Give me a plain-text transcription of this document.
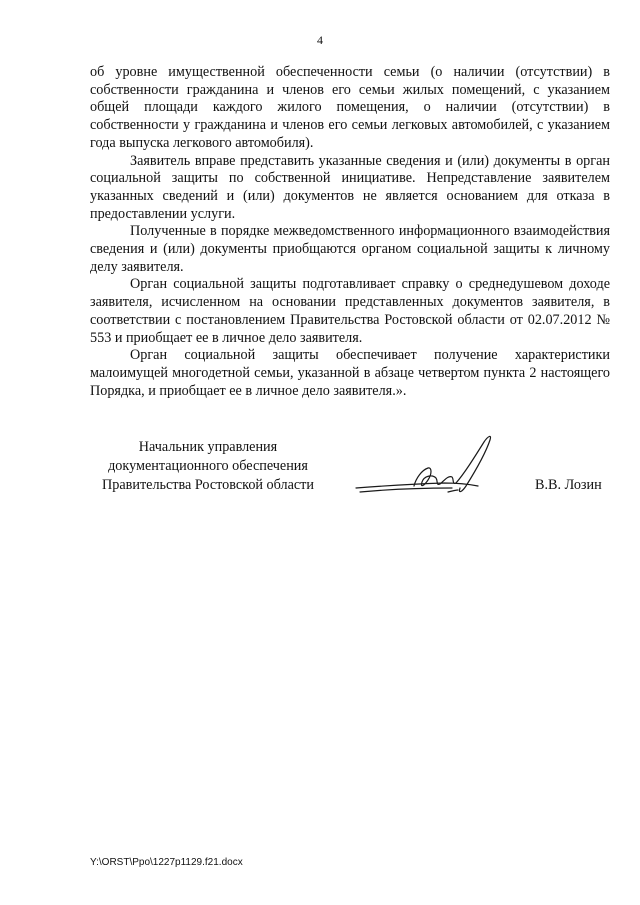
4

об уровне имущественной обеспеченности семьи (о наличии (отсутствии) в собственности гражданина и членов его семьи жилых помещений, с указанием общей площади каждого жилого помещения, о наличии (отсутствии) в собственности у гражданина и членов его семьи легковых автомобилей, с указанием года выпуска легкового автомобиля).

Заявитель вправе представить указанные сведения и (или) документы в орган социальной защиты по собственной инициативе. Непредставление заявителем указанных сведений и (или) документов не является основанием для отказа в предоставлении услуги.

Полученные в порядке межведомственного информационного взаимодействия сведения и (или) документы приобщаются органом социальной защиты к личному делу заявителя.

Орган социальной защиты подготавливает справку о среднедушевом доходе заявителя, исчисленном на основании представленных документов заявителя, в соответствии с постановлением Правительства Ростовской области от 02.07.2012 № 553 и приобщает ее в личное дело заявителя.

Орган социальной защиты обеспечивает получение характеристики малоимущей многодетной семьи, указанной в абзаце четвертом пункта 2 настоящего Порядка, и приобщает ее в личное дело заявителя.».

Начальник управления
документационного обеспечения
Правительства Ростовской области	В.В. Лозин
Y:\ORST\Ppo\1227p1129.f21.docx
